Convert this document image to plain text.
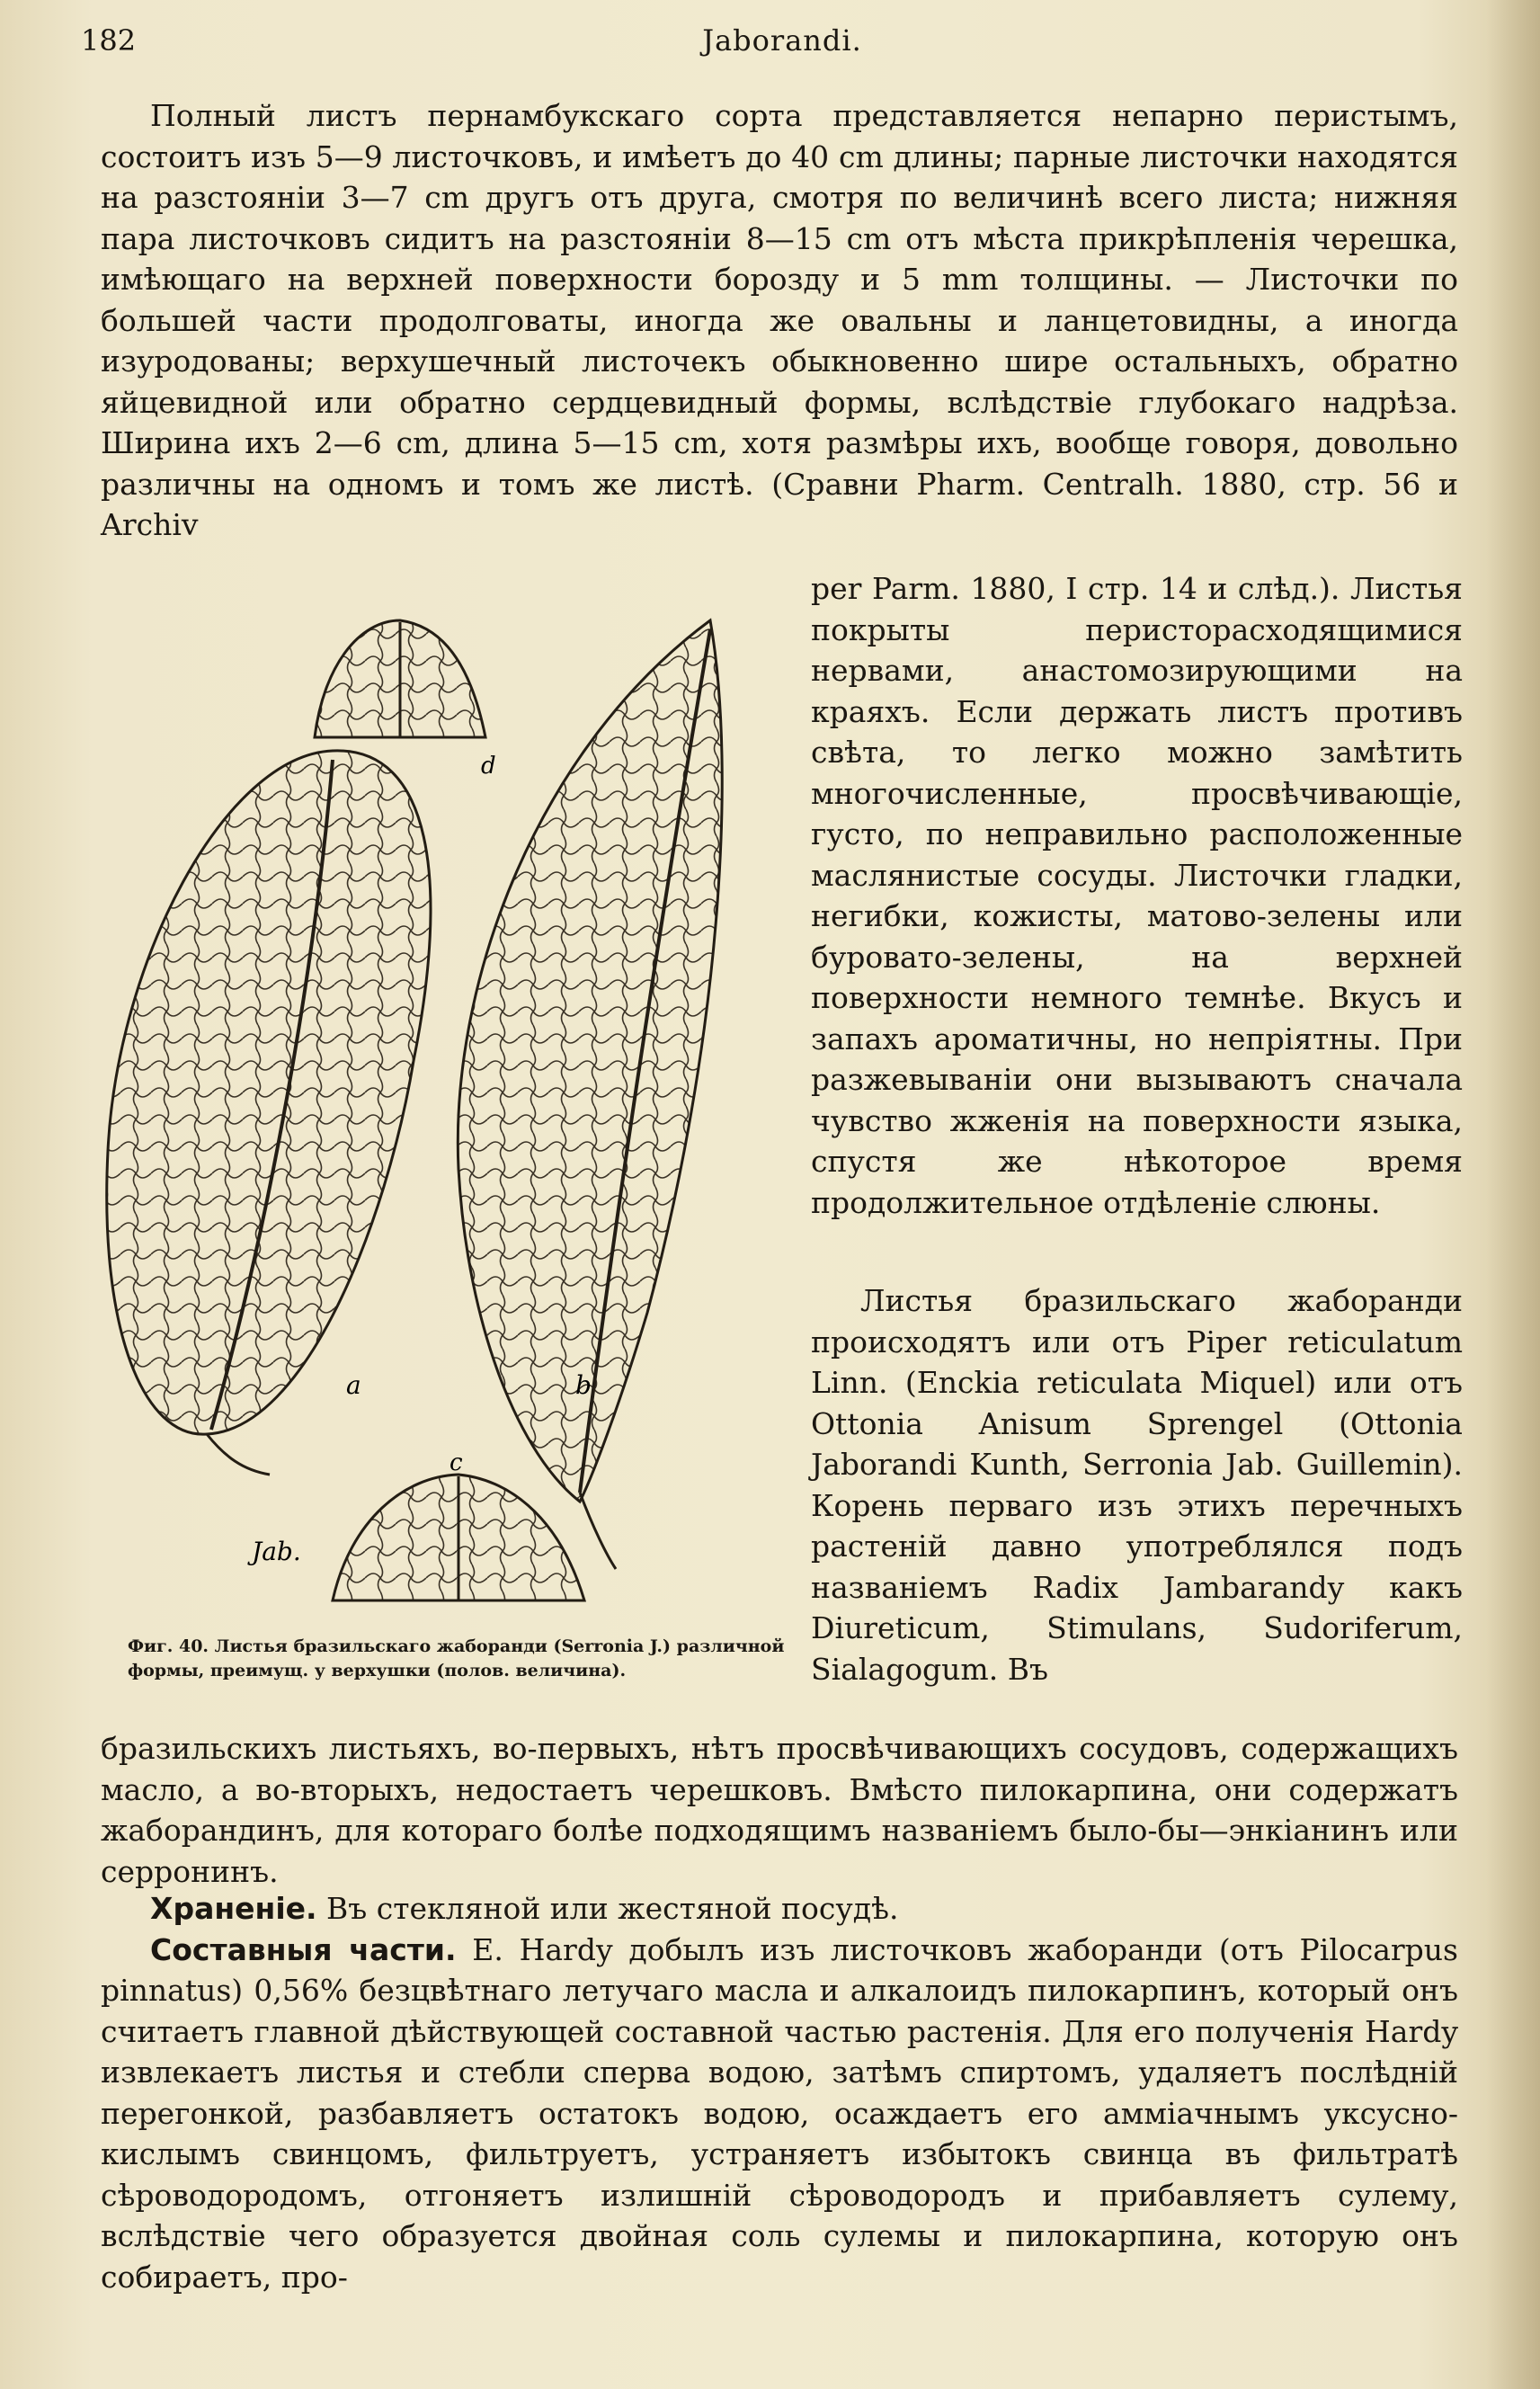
182	Jaborandi.

Полный листъ пернамбукскаго сорта представляется непарно перистымъ, состоитъ изъ 5—9 листочковъ, и имѣетъ до 40 cm длины; парные листочки находятся на разстояніи 3—7 cm другъ отъ друга, смотря по величинѣ всего листа; нижняя пара листочковъ сидитъ на разстояніи 8—15 cm отъ мѣста прикрѣпленія черешка, имѣющаго на верхней поверхности борозду и 5 mm толщины. — Листочки по большей части продолговаты, иногда же овальны и ланцетовидны, а иногда изуродованы; верхушечный листочекъ обыкновенно шире остальныхъ, обратно яйцевидной или обратно сердцевидный формы, вслѣдствіе глубокаго надрѣза. Ширина ихъ 2—6 cm, длина 5—15 cm, хотя размѣры ихъ, вообще говоря, довольно различны на одномъ и томъ же листѣ. (Сравни Pharm. Centralh. 1880, стр. 56 и Archiv

a	b
c
d
Jab.
Фиг. 40. Листья бразильскаго жaборанди (Serronia J.) различной формы, преимущ. у верхушки (полов. величина).

per Parm. 1880, I стр. 14 и слѣд.). Листья покрыты перисторасходящимися нервами, анастомозирующими на краяхъ. Если держать листъ противъ свѣта, то легко можно замѣтить многочисленные, просвѣчивающіе, густо, по неправильно расположенные маслянистые сосуды. Листочки гладки, негибки, кожисты, матово-зелены или буровато-зелены, на верхней поверхности немного темнѣе. Вкусъ и запахъ ароматичны, но непріятны. При разжевываніи они вызываютъ сначала чувство жженія на поверхности языка, спустя же нѣкоторое время продолжительное отдѣленіе слюны.

Листья бразильскаго жaборанди происходятъ или отъ Piper reticulatum Linn. (Enckia reticulata Miquel) или отъ Ottonia Anisum Sprengel (Ottonia Jaborandi Kunth, Serronia Jab. Guillemin). Корень перваго изъ этихъ перечныхъ растеній давно употреблялся подъ названіемъ Radix Jambarandy какъ Diureticum, Stimulans, Sudoriferum, Sialagogum. Въ

бразильскихъ листьяхъ, во-первыхъ, нѣтъ просвѣчивающихъ сосудовъ, содержащихъ масло, а во-вторыхъ, недостаетъ черешковъ. Вмѣсто пилокарпина, они содержатъ жaборандинъ, для котораго болѣе подходящимъ названіемъ было-бы—энкіанинъ или серронинъ.

Храненіе. Въ стекляной или жестяной посудѣ.

Составныя части. E. Hardy добылъ изъ листочковъ жaборанди (отъ Pilocarpus pinnatus) 0,56% безцвѣтнаго летучаго масла и алкалоидъ пилокарпинъ, который онъ считаетъ главной дѣйствующей составной частью растенія. Для его полученія Hardy извлекаетъ листья и стебли сперва водою, затѣмъ спиртомъ, удаляетъ послѣдній перегонкой, разбавляетъ остатокъ водою, осаждаетъ его амміачнымъ уксусно-кислымъ свинцомъ, фильтруетъ, устраняетъ избытокъ свинца въ фильтратѣ сѣроводородомъ, отгоняетъ излишній сѣроводородъ и прибавляетъ сулему, вслѣдствіе чего образуется двойная соль сулемы и пилокарпина, которую онъ собираетъ, про-
